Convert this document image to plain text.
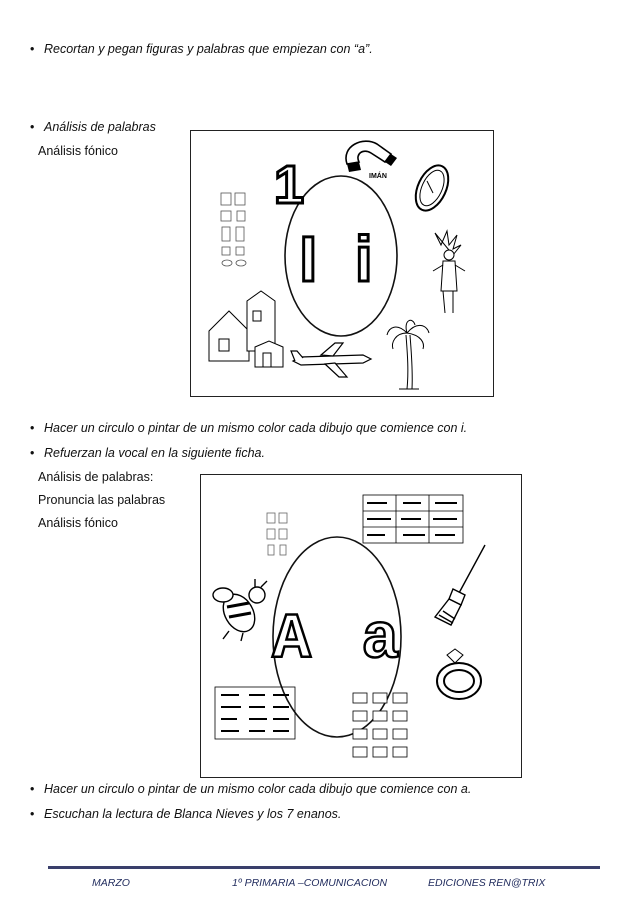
• Recortan y pegan figuras y palabras que empiezan con “a”.
• Análisis de palabras
Análisis fónico
I i
1	IMÁN
• Hacer un circulo o pintar de un mismo color cada dibujo que comience con i.
• Refuerzan la vocal en la siguiente ficha.
Análisis de palabras:
Pronuncia las palabras
Análisis fónico
A a
• Hacer un circulo o pintar de un mismo color cada dibujo que comience con a.
• Escuchan la lectura de Blanca Nieves y los 7 enanos.
MARZO	1º PRIMARIA –COMUNICACION	EDICIONES REN@TRIX
